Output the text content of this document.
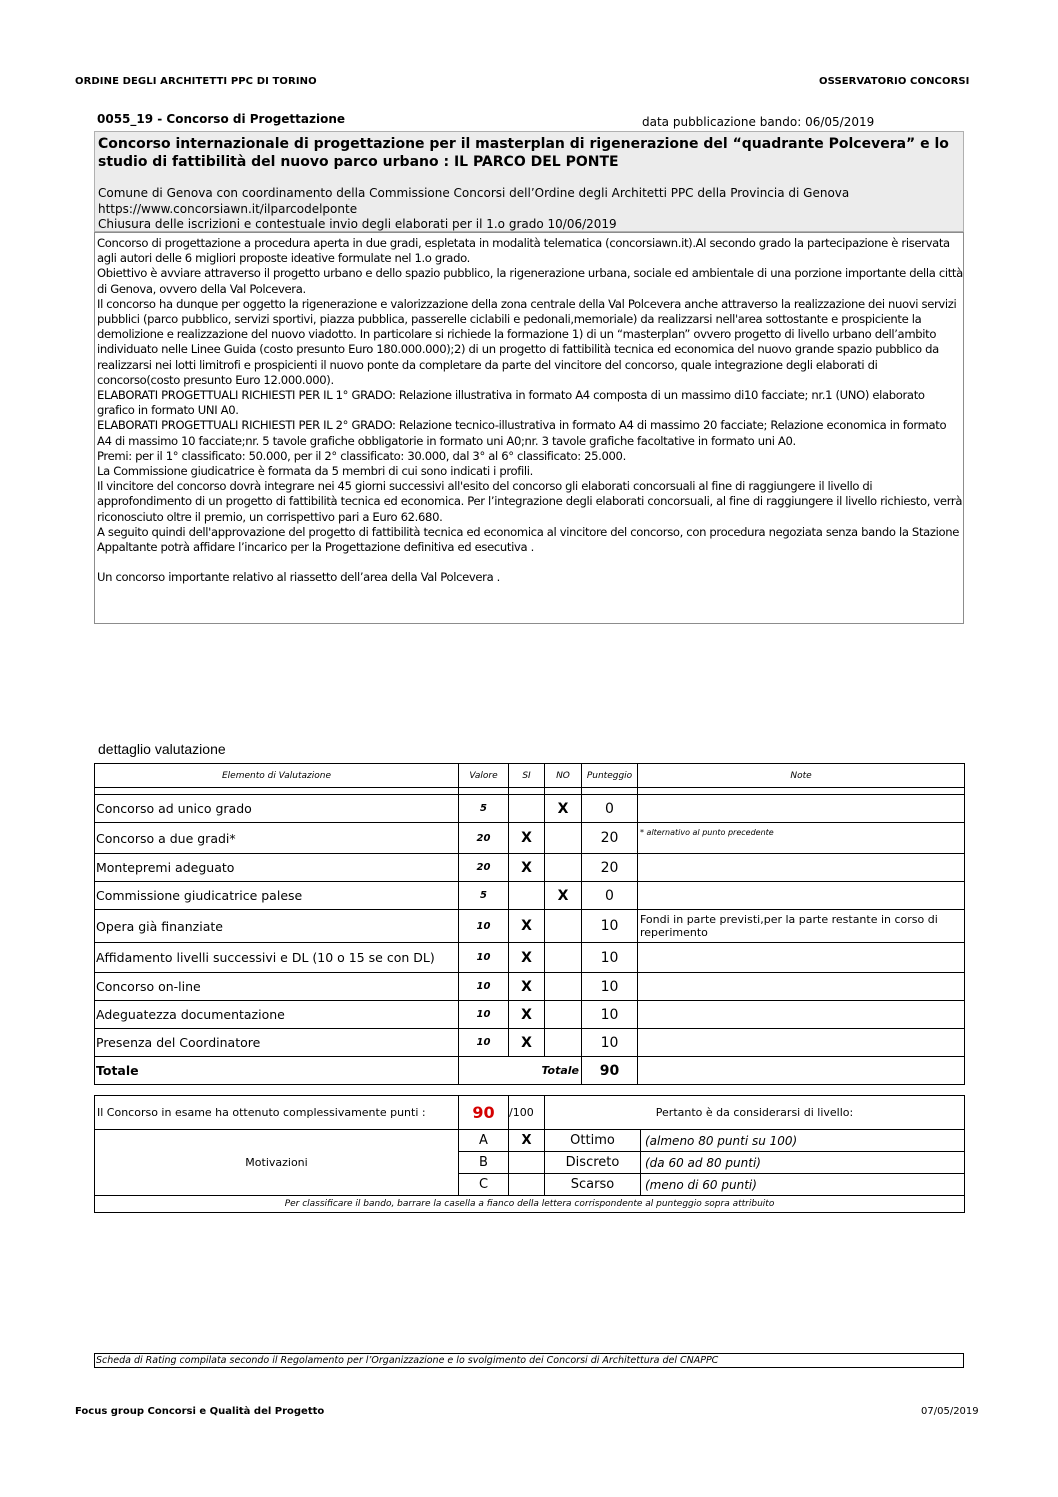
ORDINE DEGLI ARCHITETTI PPC DI TORINO	OSSERVATORIO CONCORSI
0055_19 - Concorso di Progettazione	data pubblicazione bando: 06/05/2019
Concorso internazionale di progettazione per il masterplan di rigenerazione del “quadrante Polcevera” e lo studio di fattibilità del nuovo parco urbano : IL PARCO DEL PONTE
Comune di Genova con coordinamento della Commissione Concorsi dell’Ordine degli Architetti PPC della Provincia di Genova
https://www.concorsiawn.it/ilparcodelponte
Chiusura delle iscrizioni e contestuale invio degli elaborati per il 1.o grado 10/06/2019
Concorso di progettazione a procedura aperta in due gradi, espletata in modalità telematica (concorsiawn.it).Al secondo grado la partecipazione è riservata agli autori delle 6 migliori proposte ideative formulate nel 1.o grado.
Obiettivo è avviare attraverso il progetto urbano e dello spazio pubblico, la rigenerazione urbana, sociale ed ambientale di una porzione importante della città di Genova, ovvero della Val Polcevera.
Il concorso ha dunque per oggetto la rigenerazione e valorizzazione della zona centrale della Val Polcevera anche attraverso la realizzazione dei nuovi servizi pubblici (parco pubblico, servizi sportivi, piazza pubblica, passerelle ciclabili e pedonali,memoriale) da realizzarsi nell'area sottostante e prospiciente la demolizione e realizzazione del nuovo viadotto. In particolare si richiede la formazione 1) di un “masterplan” ovvero progetto di livello urbano dell’ambito individuato nelle Linee Guida (costo presunto Euro 180.000.000);2) di un progetto di fattibilità tecnica ed economica del nuovo grande spazio pubblico da realizzarsi nei lotti limitrofi e prospicienti il nuovo ponte da completare da parte del vincitore del concorso, quale integrazione degli elaborati di concorso(costo presunto Euro 12.000.000).
ELABORATI PROGETTUALI RICHIESTI PER IL 1° GRADO: Relazione illustrativa in formato A4 composta di un massimo di10 facciate; nr.1 (UNO) elaborato grafico in formato UNI A0.
ELABORATI PROGETTUALI RICHIESTI PER IL 2° GRADO: Relazione tecnico-illustrativa in formato A4 di massimo 20 facciate; Relazione economica in formato A4 di massimo 10 facciate;nr. 5 tavole grafiche obbligatorie in formato uni A0;nr. 3 tavole grafiche facoltative in formato uni A0.
Premi: per il 1° classificato: 50.000, per il 2° classificato: 30.000, dal 3° al 6° classificato: 25.000.
La Commissione giudicatrice è formata da 5 membri di cui sono indicati i profili.
Il vincitore del concorso dovrà integrare nei 45 giorni successivi all'esito del concorso gli elaborati concorsuali al fine di raggiungere il livello di approfondimento di un progetto di fattibilità tecnica ed economica. Per l’integrazione degli elaborati concorsuali, al fine di raggiungere il livello richiesto, verrà riconosciuto oltre il premio, un corrispettivo pari a Euro 62.680.
A seguito quindi dell'approvazione del progetto di fattibilità tecnica ed economica al vincitore del concorso, con procedura negoziata senza bando la Stazione Appaltante potrà affidare l’incarico per la Progettazione definitiva ed esecutiva .

Un concorso importante relativo al riassetto dell’area della Val Polcevera .
dettaglio valutazione
Elemento di Valutazione	Valore	SI	NO	Punteggio	Note

Concorso ad unico grado	5		X	0	
Concorso a due gradi*	20	X		20	* alternativo al punto precedente
Montepremi adeguato	20	X		20	
Commissione giudicatrice palese	5		X	0	
Opera già finanziate	10	X		10	Fondi in parte previsti,per la parte restante in corso di reperimento
Affidamento livelli successivi e DL (10 o 15 se con DL)	10	X		10	
Concorso on-line	10	X		10	
Adeguatezza documentazione	10	X		10	
Presenza del Coordinatore	10	X		10	
Totale	Totale			90	
Il Concorso in esame ha ottenuto complessivamente punti :	90	/100	Pertanto è da considerarsi di livello:	
Motivazioni	A	X	Ottimo	(almeno 80 punti su 100)
	B		Discreto	(da 60 ad 80 punti)
	C		Scarso	(meno di 60 punti)
Per classificare il bando, barrare la casella a fianco della lettera corrispondente al punteggio sopra attribuito				
Scheda di Rating compilata secondo il Regolamento per l’Organizzazione e lo svolgimento dei Concorsi di Architettura del CNAPPC
Focus group Concorsi e Qualità del Progetto	07/05/2019
